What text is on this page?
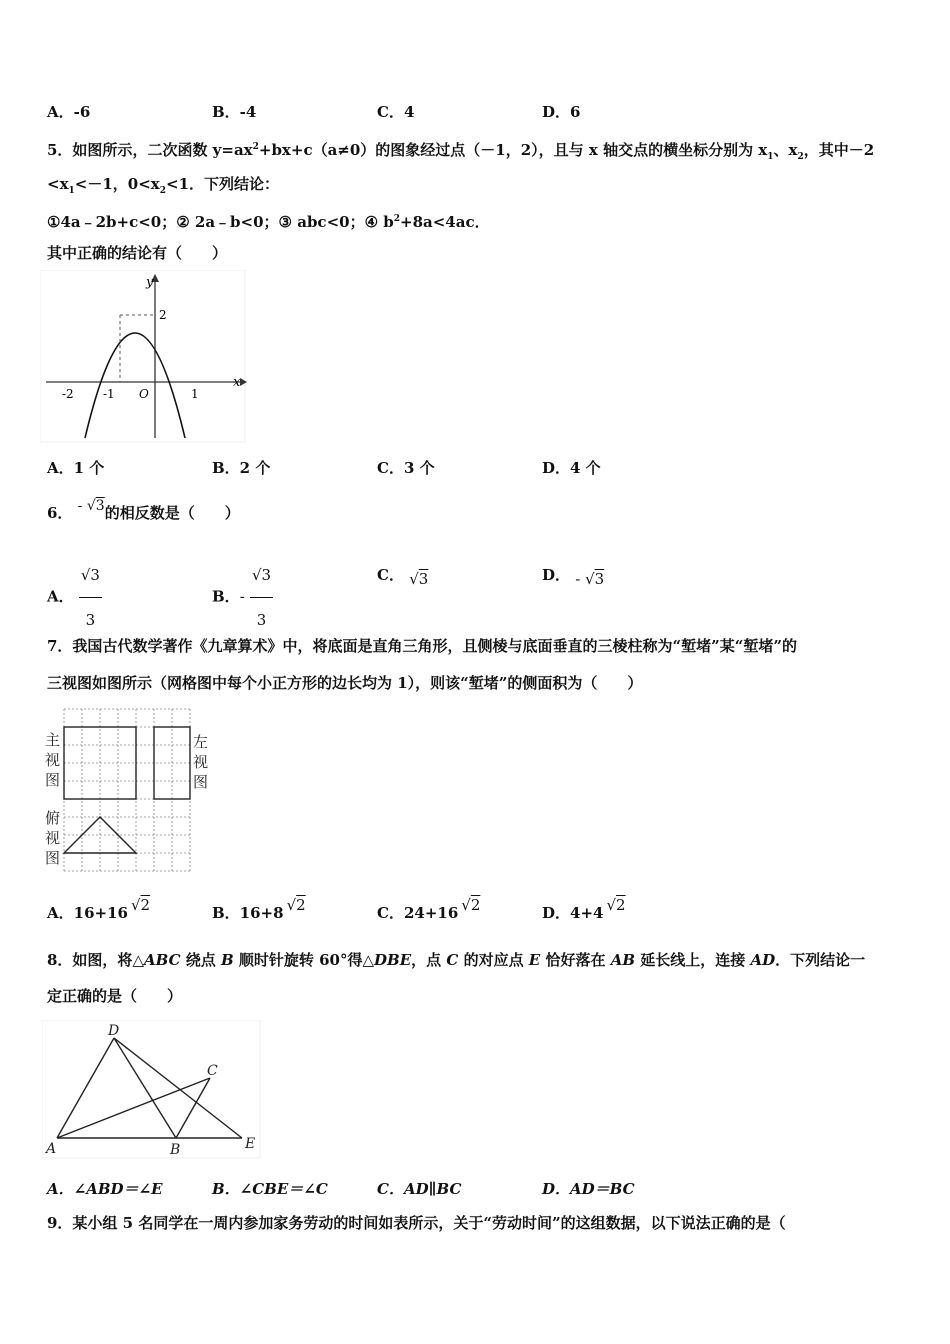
A．-6	B．-4	C．4	D．6
5．如图所示，二次函数 $y=ax^2+bx+c(a\ne 0)$的图象经过点（－1，2），且与 x 轴交点的横坐标分别为 $x_1$、$x_2$，其中－2
$<x_1<-1$，$0<x_2<1$．下列结论：
①4a﹣2b+c<0；② 2a﹣b<0；③ abc<0；④ $b^2+8a<4ac$．
其中正确的结论有（　　）
y
x
2
-2 -1 O	1
A．1 个	B．2 个	C．3 个	D．4 个
6． - √3的相反数是（　　）
A． $\frac{√3}{3}$	B．- $\frac{√3}{3}$	C． √3	D． - √3
7．我国古代数学著作《九章算术》中，将底面是直角三角形，且侧棱与底面垂直的三棱柱称为“堑堵”某“堑堵”的
三视图如图所示（网格图中每个小正方形的边长均为 1），则该“堑堵”的侧面积为（　　）
主
视
图
左
视
图
俯
视
图
A．16+16 √2	B．16+8 √2	C．24+16 √2	D．4+4 √2
8．如图，将△ABC 绕点 B 顺时针旋转 60°得△DBE，点 C 的对应点 E 恰好落在 AB 延长线上，连接 AD．下列结论一
定正确的是（　　）
D
C
A	B	E
A．∠ABD＝∠E	B．∠CBE＝∠C	C．AD∥BC	D．AD＝BC
9．某小组 5 名同学在一周内参加家务劳动的时间如表所示，关于“劳动时间”的这组数据，以下说法正确的是（
